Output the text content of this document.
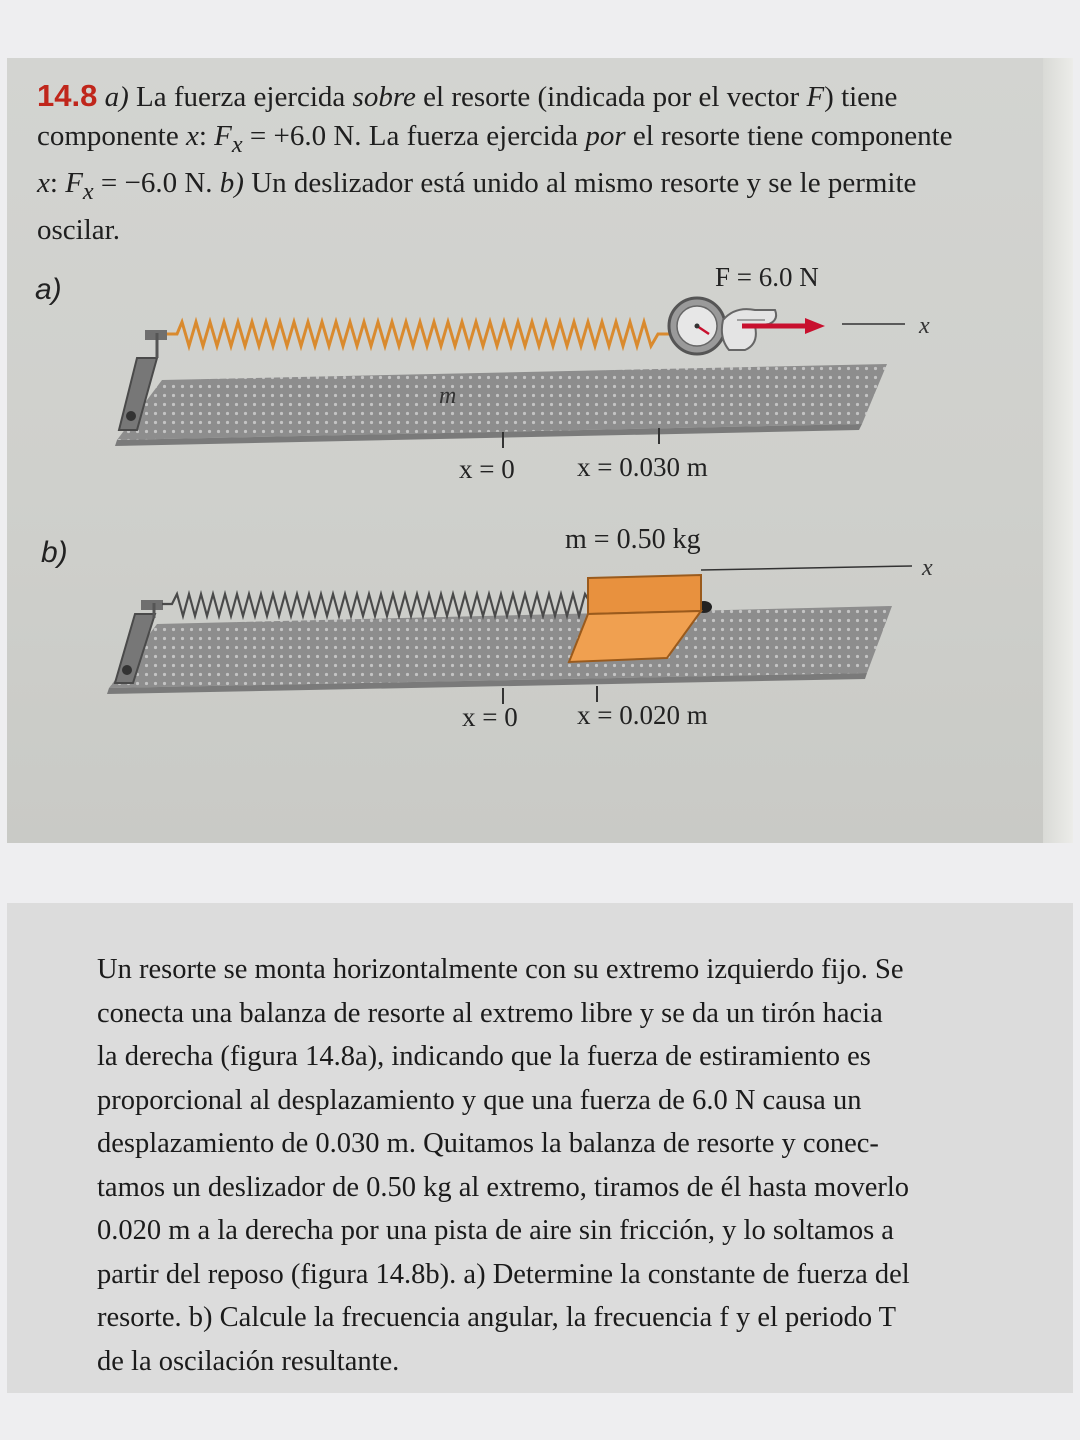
14.8 a) La fuerza ejercida sobre el resorte (indicada por el vector F) tiene componente x: $F_x = +6.0$ N. La fuerza ejercida por el resorte tiene componente x: $F_x = -6.0$ N. b) Un deslizador está unido al mismo resorte y se le permite oscilar.
a)
b)
x
F = 6.0 N
m
x = 0 x = 0.030 m
x
m = 0.50 kg
x = 0 x = 0.020 m
Un resorte se monta horizontalmente con su extremo izquierdo fijo. Se
conecta una balanza de resorte al extremo libre y se da un tirón hacia
la derecha (figura 14.8a), indicando que la fuerza de estiramiento es
proporcional al desplazamiento y que una fuerza de 6.0 N causa un
desplazamiento de 0.030 m. Quitamos la balanza de resorte y conec-
tamos un deslizador de 0.50 kg al extremo, tiramos de él hasta moverlo
0.020 m a la derecha por una pista de aire sin fricción, y lo soltamos a
partir del reposo (figura 14.8b). a) Determine la constante de fuerza del
resorte. b) Calcule la frecuencia angular, la frecuencia f y el periodo T
de la oscilación resultante.
